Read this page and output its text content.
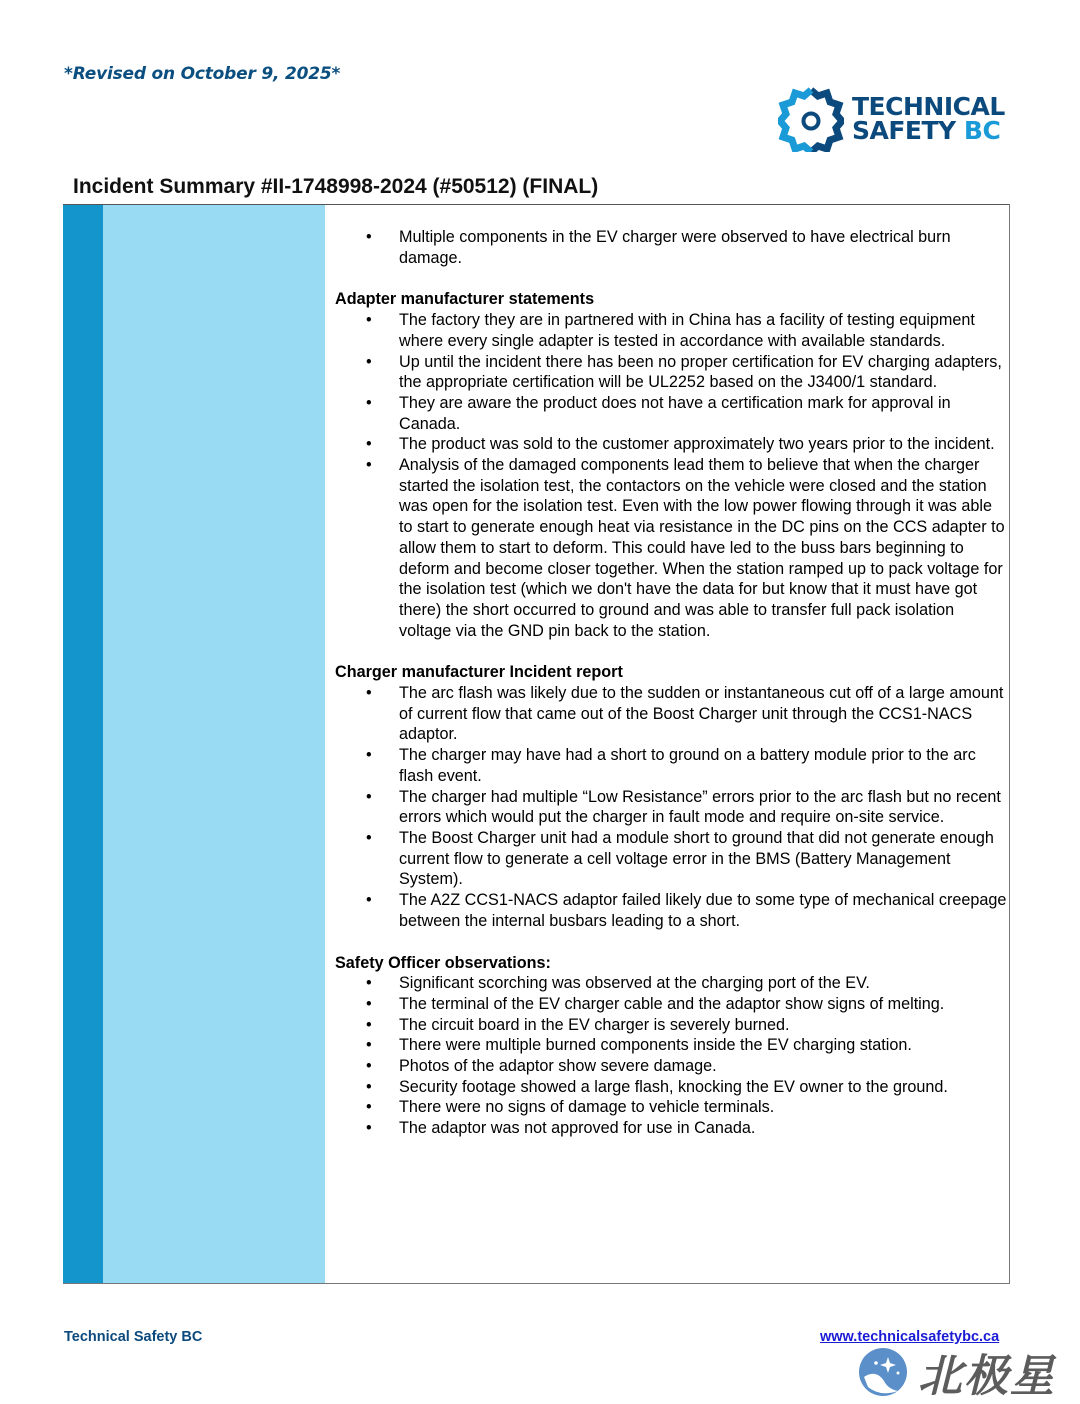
*Revised on October 9, 2025*
TECHNICAL
SAFETY BC
Incident Summary #II-1748998-2024 (#50512) (FINAL)
• Multiple components in the EV charger were observed to have electrical burn damage.

Adapter manufacturer statements

• The factory they are in partnered with in China has a facility of testing equipment where every single adapter is tested in accordance with available standards.
• Up until the incident there has been no proper certification for EV charging adapters, the appropriate certification will be UL2252 based on the J3400/1 standard.
• They are aware the product does not have a certification mark for approval in Canada.
• The product was sold to the customer approximately two years prior to the incident.
• Analysis of the damaged components lead them to believe that when the charger started the isolation test, the contactors on the vehicle were closed and the station was open for the isolation test. Even with the low power flowing through it was able to start to generate enough heat via resistance in the DC pins on the CCS adapter to allow them to start to deform. This could have led to the buss bars beginning to deform and become closer together. When the station ramped up to pack voltage for the isolation test (which we don't have the data for but know that it must have got there) the short occurred to ground and was able to transfer full pack isolation voltage via the GND pin back to the station.

Charger manufacturer Incident report

• The arc flash was likely due to the sudden or instantaneous cut off of a large amount of current flow that came out of the Boost Charger unit through the CCS1-NACS adaptor.
• The charger may have had a short to ground on a battery module prior to the arc flash event.
• The charger had multiple “Low Resistance” errors prior to the arc flash but no recent errors which would put the charger in fault mode and require on-site service.
• The Boost Charger unit had a module short to ground that did not generate enough current flow to generate a cell voltage error in the BMS (Battery Management System).
• The A2Z CCS1-NACS adaptor failed likely due to some type of mechanical creepage between the internal busbars leading to a short.

Safety Officer observations:

• Significant scorching was observed at the charging port of the EV.
• The terminal of the EV charger cable and the adaptor show signs of melting.
• The circuit board in the EV charger is severely burned.
• There were multiple burned components inside the EV charging station.
• Photos of the adaptor show severe damage.
• Security footage showed a large flash, knocking the EV owner to the ground.
• There were no signs of damage to vehicle terminals.
• The adaptor was not approved for use in Canada.
Technical Safety BC	www.technicalsafetybc.ca
北极星
